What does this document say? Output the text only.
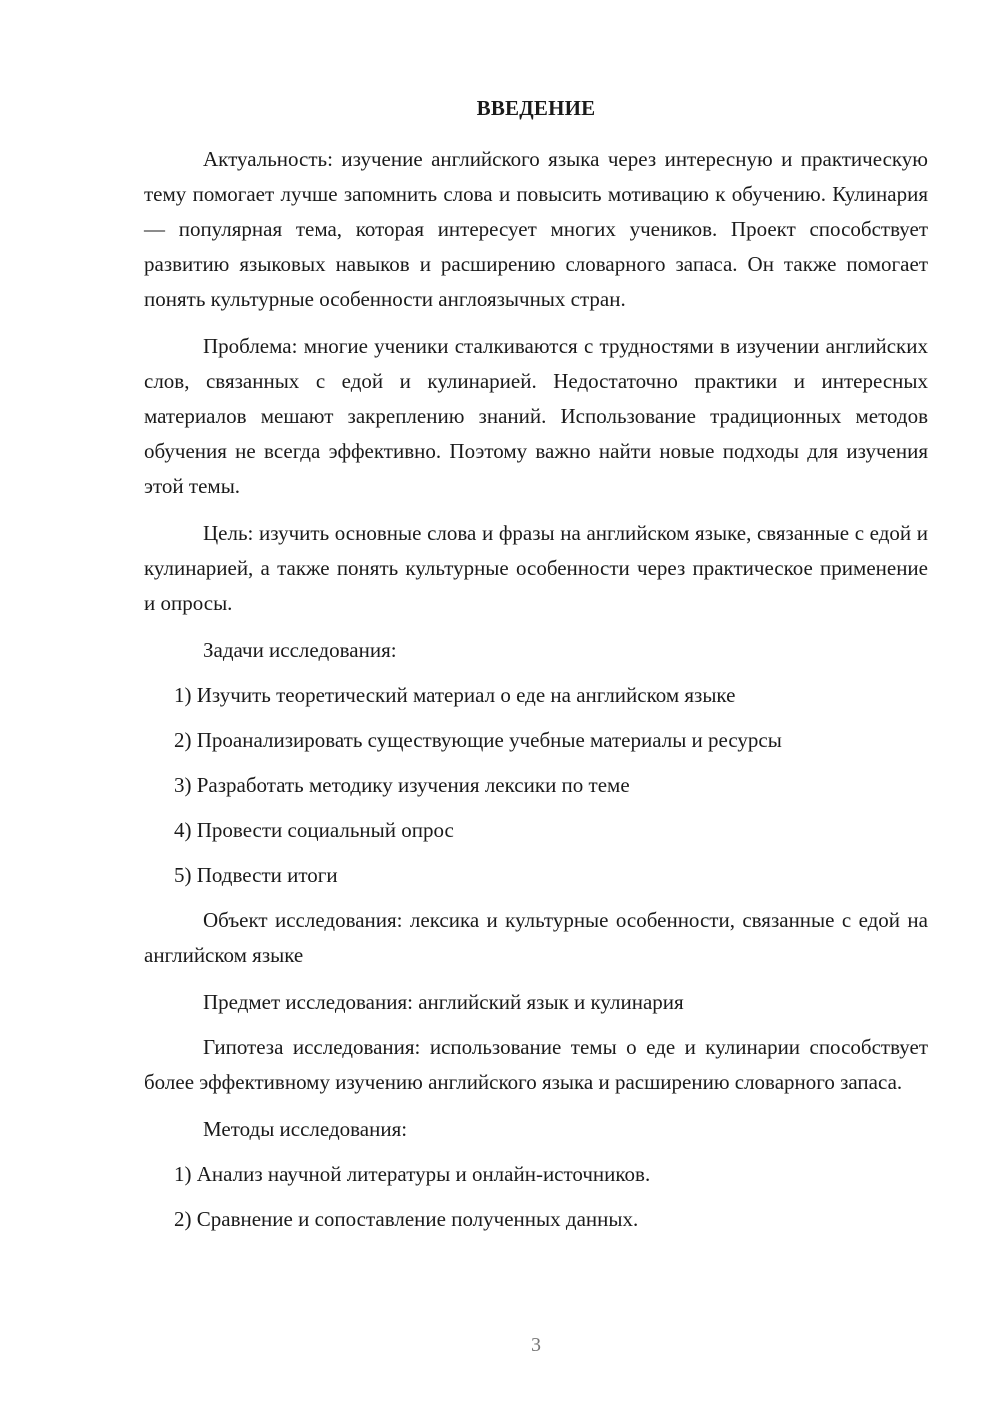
ВВЕДЕНИЕ

Актуальность: изучение английского языка через интересную и практическую тему помогает лучше запомнить слова и повысить мотивацию к обучению. Кулинария — популярная тема, которая интересует многих учеников. Проект способствует развитию языковых навыков и расширению словарного запаса. Он также помогает понять культурные особенности англоязычных стран.

Проблема: многие ученики сталкиваются с трудностями в изучении английских слов, связанных с едой и кулинарией. Недостаточно практики и интересных материалов мешают закреплению знаний. Использование традиционных методов обучения не всегда эффективно. Поэтому важно найти новые подходы для изучения этой темы.

Цель: изучить основные слова и фразы на английском языке, связанные с едой и кулинарией, а также понять культурные особенности через практическое применение и опросы.

Задачи исследования:

1) Изучить теоретический материал о еде на английском языке
2) Проанализировать существующие учебные материалы и ресурсы
3) Разработать методику изучения лексики по теме
4) Провести социальный опрос
5) Подвести итоги

Объект исследования: лексика и культурные особенности, связанные с едой на английском языке

Предмет исследования: английский язык и кулинария

Гипотеза исследования: использование темы о еде и кулинарии способствует более эффективному изучению английского языка и расширению словарного запаса.

Методы исследования:

1) Анализ научной литературы и онлайн-источников.
2) Сравнение и сопоставление полученных данных.
3
